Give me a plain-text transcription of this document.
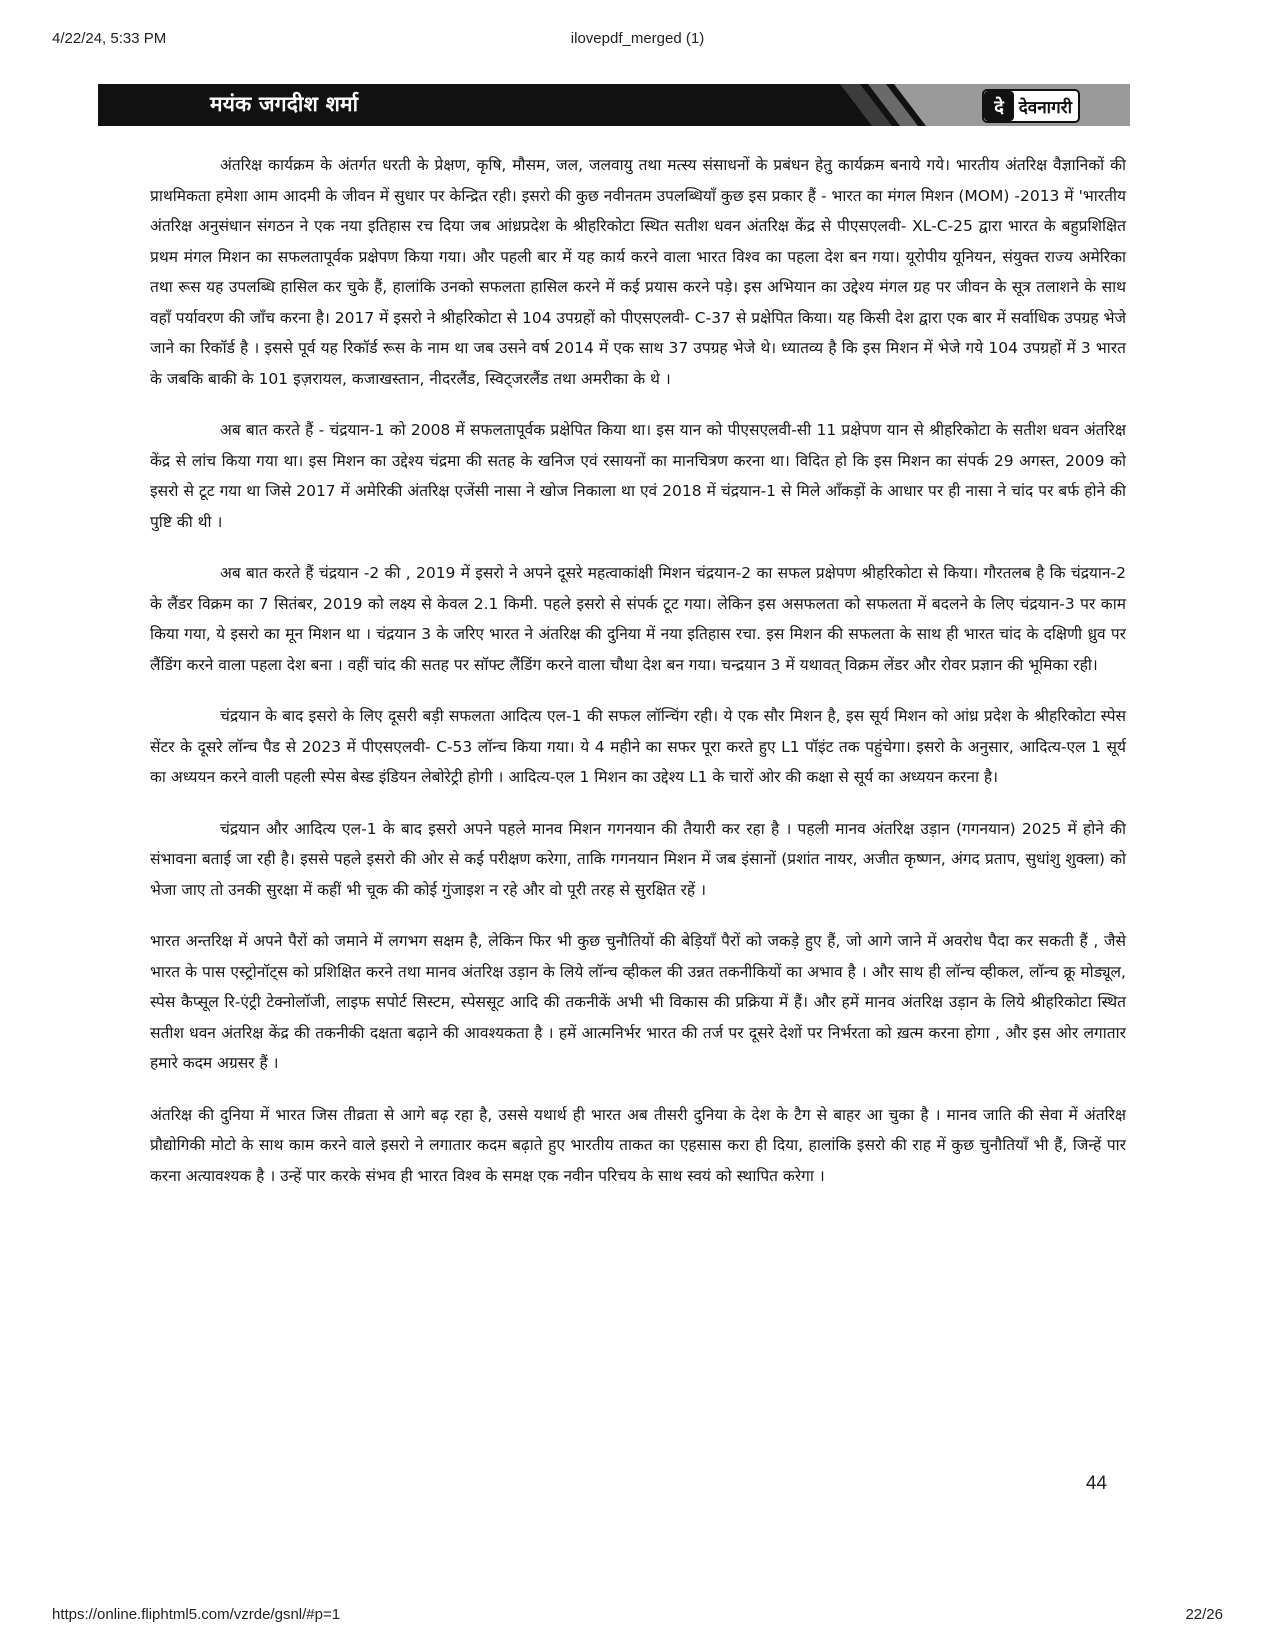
4/22/24, 5:33 PM	ilovepdf_merged (1)
मयंक जगदीश शर्मा	दे देवनागरी

अंतरिक्ष कार्यक्रम के अंतर्गत धरती के प्रेक्षण, कृषि, मौसम, जल, जलवायु तथा मत्स्य संसाधनों के प्रबंधन हेतु कार्यक्रम बनाये गये। भारतीय अंतरिक्ष वैज्ञानिकों की प्राथमिकता हमेशा आम आदमी के जीवन में सुधार पर केन्द्रित रही। इसरो की कुछ नवीनतम उपलब्धियाँ कुछ इस प्रकार हैं - भारत का मंगल मिशन (MOM) -2013 में 'भारतीय अंतरिक्ष अनुसंधान संगठन ने एक नया इतिहास रच दिया जब आंध्रप्रदेश के श्रीहरिकोटा स्थित सतीश धवन अंतरिक्ष केंद्र से पीएसएलवी- XL-C-25 द्वारा भारत के बहुप्रशिक्षित प्रथम मंगल मिशन का सफलतापूर्वक प्रक्षेपण किया गया। और पहली बार में यह कार्य करने वाला भारत विश्व का पहला देश बन गया। यूरोपीय यूनियन, संयुक्त राज्य अमेरिका तथा रूस यह उपलब्धि हासिल कर चुके हैं, हालांकि उनको सफलता हासिल करने में कई प्रयास करने पड़े। इस अभियान का उद्देश्य मंगल ग्रह पर जीवन के सूत्र तलाशने के साथ वहाँ पर्यावरण की जाँच करना है। 2017 में इसरो ने श्रीहरिकोटा से 104 उपग्रहों को पीएसएलवी- C-37 से प्रक्षेपित किया। यह किसी देश द्वारा एक बार में सर्वाधिक उपग्रह भेजे जाने का रिकॉर्ड है । इससे पूर्व यह रिकॉर्ड रूस के नाम था जब उसने वर्ष 2014 में एक साथ 37 उपग्रह भेजे थे। ध्यातव्य है कि इस मिशन में भेजे गये 104 उपग्रहों में 3 भारत के जबकि बाकी के 101 इज़रायल, कजाखस्तान, नीदरलैंड, स्विट्जरलैंड तथा अमरीका के थे ।

अब बात करते हैं - चंद्रयान-1 को 2008 में सफलतापूर्वक प्रक्षेपित किया था। इस यान को पीएसएलवी-सी 11 प्रक्षेपण यान से श्रीहरिकोटा के सतीश धवन अंतरिक्ष केंद्र से लांच किया गया था। इस मिशन का उद्देश्य चंद्रमा की सतह के खनिज एवं रसायनों का मानचित्रण करना था। विदित हो कि इस मिशन का संपर्क 29 अगस्त, 2009 को इसरो से टूट गया था जिसे 2017 में अमेरिकी अंतरिक्ष एजेंसी नासा ने खोज निकाला था एवं 2018 में चंद्रयान-1 से मिले आँकड़ों के आधार पर ही नासा ने चांद पर बर्फ होने की पुष्टि की थी ।

अब बात करते हैं चंद्रयान -2 की , 2019 में इसरो ने अपने दूसरे महत्वाकांक्षी मिशन चंद्रयान-2 का सफल प्रक्षेपण श्रीहरिकोटा से किया। गौरतलब है कि चंद्रयान-2 के लैंडर विक्रम का 7 सितंबर, 2019 को लक्ष्य से केवल 2.1 किमी. पहले इसरो से संपर्क टूट गया। लेकिन इस असफलता को सफलता में बदलने के लिए चंद्रयान-3 पर काम किया गया, ये इसरो का मून मिशन था । चंद्रयान 3 के जरिए भारत ने अंतरिक्ष की दुनिया में नया इतिहास रचा. इस मिशन की सफलता के साथ ही भारत चांद के दक्षिणी ध्रुव पर लैंडिंग करने वाला पहला देश बना । वहीं चांद की सतह पर सॉफ्ट लैंडिंग करने वाला चौथा देश बन गया। चन्द्रयान 3 में यथावत् विक्रम लेंडर और रोवर प्रज्ञान की भूमिका रही।

चंद्रयान के बाद इसरो के लिए दूसरी बड़ी सफलता आदित्य एल-1 की सफल लॉन्चिंग रही। ये एक सौर मिशन है, इस सूर्य मिशन को आंध्र प्रदेश के श्रीहरिकोटा स्पेस सेंटर के दूसरे लॉन्च पैड से 2023 में पीएसएलवी- C-53 लॉन्च किया गया। ये 4 महीने का सफर पूरा करते हुए L1 पॉइंट तक पहुंचेगा। इसरो के अनुसार, आदित्य-एल 1 सूर्य का अध्ययन करने वाली पहली स्पेस बेस्ड इंडियन लेबोरेट्री होगी । आदित्य-एल 1 मिशन का उद्देश्य L1 के चारों ओर की कक्षा से सूर्य का अध्ययन करना है।

चंद्रयान और आदित्य एल-1 के बाद इसरो अपने पहले मानव मिशन गगनयान की तैयारी कर रहा है । पहली मानव अंतरिक्ष उड़ान (गगनयान) 2025 में होने की संभावना बताई जा रही है। इससे पहले इसरो की ओर से कई परीक्षण करेगा, ताकि गगनयान मिशन में जब इंसानों (प्रशांत नायर, अजीत कृष्णन, अंगद प्रताप, सुधांशु शुक्ला) को भेजा जाए तो उनकी सुरक्षा में कहीं भी चूक की कोई गुंजाइश न रहे और वो पूरी तरह से सुरक्षित रहें ।

भारत अन्तरिक्ष में अपने पैरों को जमाने में लगभग सक्षम है, लेकिन फिर भी कुछ चुनौतियों की बेड़ियाँ पैरों को जकड़े हुए हैं, जो आगे जाने में अवरोध पैदा कर सकती हैं , जैसे भारत के पास एस्ट्रोनॉट्स को प्रशिक्षित करने तथा मानव अंतरिक्ष उड़ान के लिये लॉन्च व्हीकल की उन्नत तकनीकियों का अभाव है । और साथ ही लॉन्च व्हीकल, लॉन्च क्रू मोड्यूल, स्पेस कैप्सूल रि-एंट्री टेक्नोलॉजी, लाइफ सपोर्ट सिस्टम, स्पेससूट आदि की तकनीकें अभी भी विकास की प्रक्रिया में हैं। और हमें मानव अंतरिक्ष उड़ान के लिये श्रीहरिकोटा स्थित सतीश धवन अंतरिक्ष केंद्र की तकनीकी दक्षता बढ़ाने की आवश्यकता है । हमें आत्मनिर्भर भारत की तर्ज पर दूसरे देशों पर निर्भरता को ख़त्म करना होगा , और इस ओर लगातार हमारे कदम अग्रसर हैं ।

अंतरिक्ष की दुनिया में भारत जिस तीव्रता से आगे बढ़ रहा है, उससे यथार्थ ही भारत अब तीसरी दुनिया के देश के टैग से बाहर आ चुका है । मानव जाति की सेवा में अंतरिक्ष प्रौद्योगिकी मोटो के साथ काम करने वाले इसरो ने लगातार कदम बढ़ाते हुए भारतीय ताकत का एहसास करा ही दिया, हालांकि इसरो की राह में कुछ चुनौतियाँ भी हैं, जिन्हें पार करना अत्यावश्यक है । उन्हें पार करके संभव ही भारत विश्व के समक्ष एक नवीन परिचय के साथ स्वयं को स्थापित करेगा ।

44
https://online.fliphtml5.com/vzrde/gsnl/#p=1	22/26
